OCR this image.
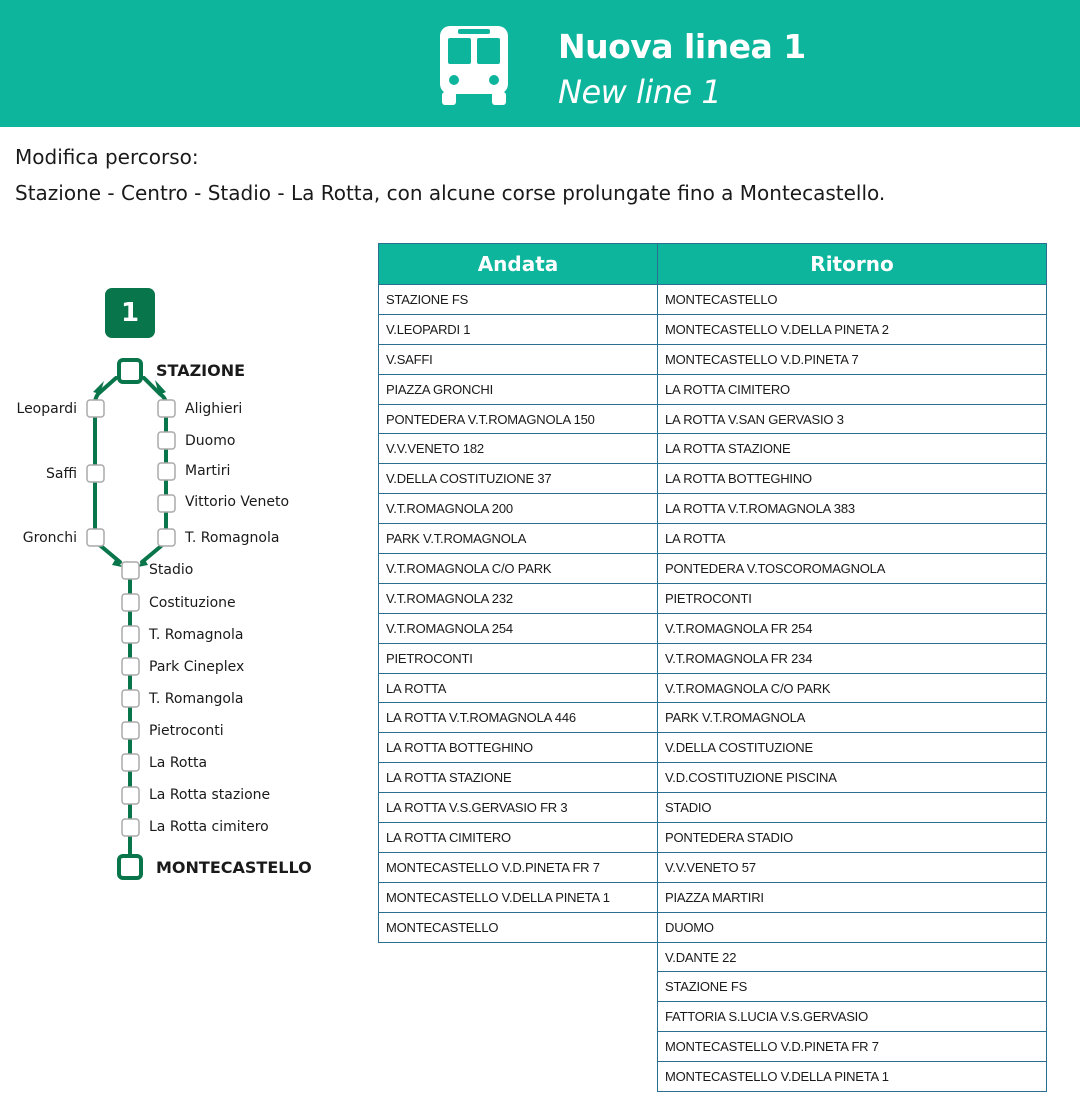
Nuova linea 1
New line 1
Modifica percorso:
Stazione - Centro - Stadio - La Rotta, con alcune corse prolungate fino a Montecastello.
1
STAZIONE
MONTECASTELLO
Leopardi
Saffi
Gronchi
Alighieri
Duomo
Martiri
Vittorio Veneto
T. Romagnola
Stadio
Costituzione
T. Romagnola
Park Cineplex
T. Romangola
Pietroconti
La Rotta
La Rotta stazione
La Rotta cimitero
Andata	Ritorno
STAZIONE FS	MONTECASTELLO
V.LEOPARDI 1	MONTECASTELLO V.DELLA PINETA 2
V.SAFFI	MONTECASTELLO V.D.PINETA 7
PIAZZA GRONCHI	LA ROTTA CIMITERO
PONTEDERA V.T.ROMAGNOLA 150	LA ROTTA V.SAN GERVASIO 3
V.V.VENETO 182	LA ROTTA STAZIONE
V.DELLA COSTITUZIONE 37	LA ROTTA BOTTEGHINO
V.T.ROMAGNOLA 200	LA ROTTA V.T.ROMAGNOLA 383
PARK V.T.ROMAGNOLA	LA ROTTA
V.T.ROMAGNOLA C/O PARK	PONTEDERA V.TOSCOROMAGNOLA
V.T.ROMAGNOLA 232	PIETROCONTI
V.T.ROMAGNOLA 254	V.T.ROMAGNOLA FR 254
PIETROCONTI	V.T.ROMAGNOLA FR 234
LA ROTTA	V.T.ROMAGNOLA C/O PARK
LA ROTTA V.T.ROMAGNOLA 446	PARK V.T.ROMAGNOLA
LA ROTTA BOTTEGHINO	V.DELLA COSTITUZIONE
LA ROTTA STAZIONE	V.D.COSTITUZIONE PISCINA
LA ROTTA V.S.GERVASIO FR 3	STADIO
LA ROTTA CIMITERO	PONTEDERA STADIO
MONTECASTELLO V.D.PINETA FR 7	V.V.VENETO 57
MONTECASTELLO V.DELLA PINETA 1	PIAZZA MARTIRI
MONTECASTELLO	DUOMO
	V.DANTE 22
	STAZIONE FS
	FATTORIA S.LUCIA V.S.GERVASIO
	MONTECASTELLO V.D.PINETA FR 7
	MONTECASTELLO V.DELLA PINETA 1
